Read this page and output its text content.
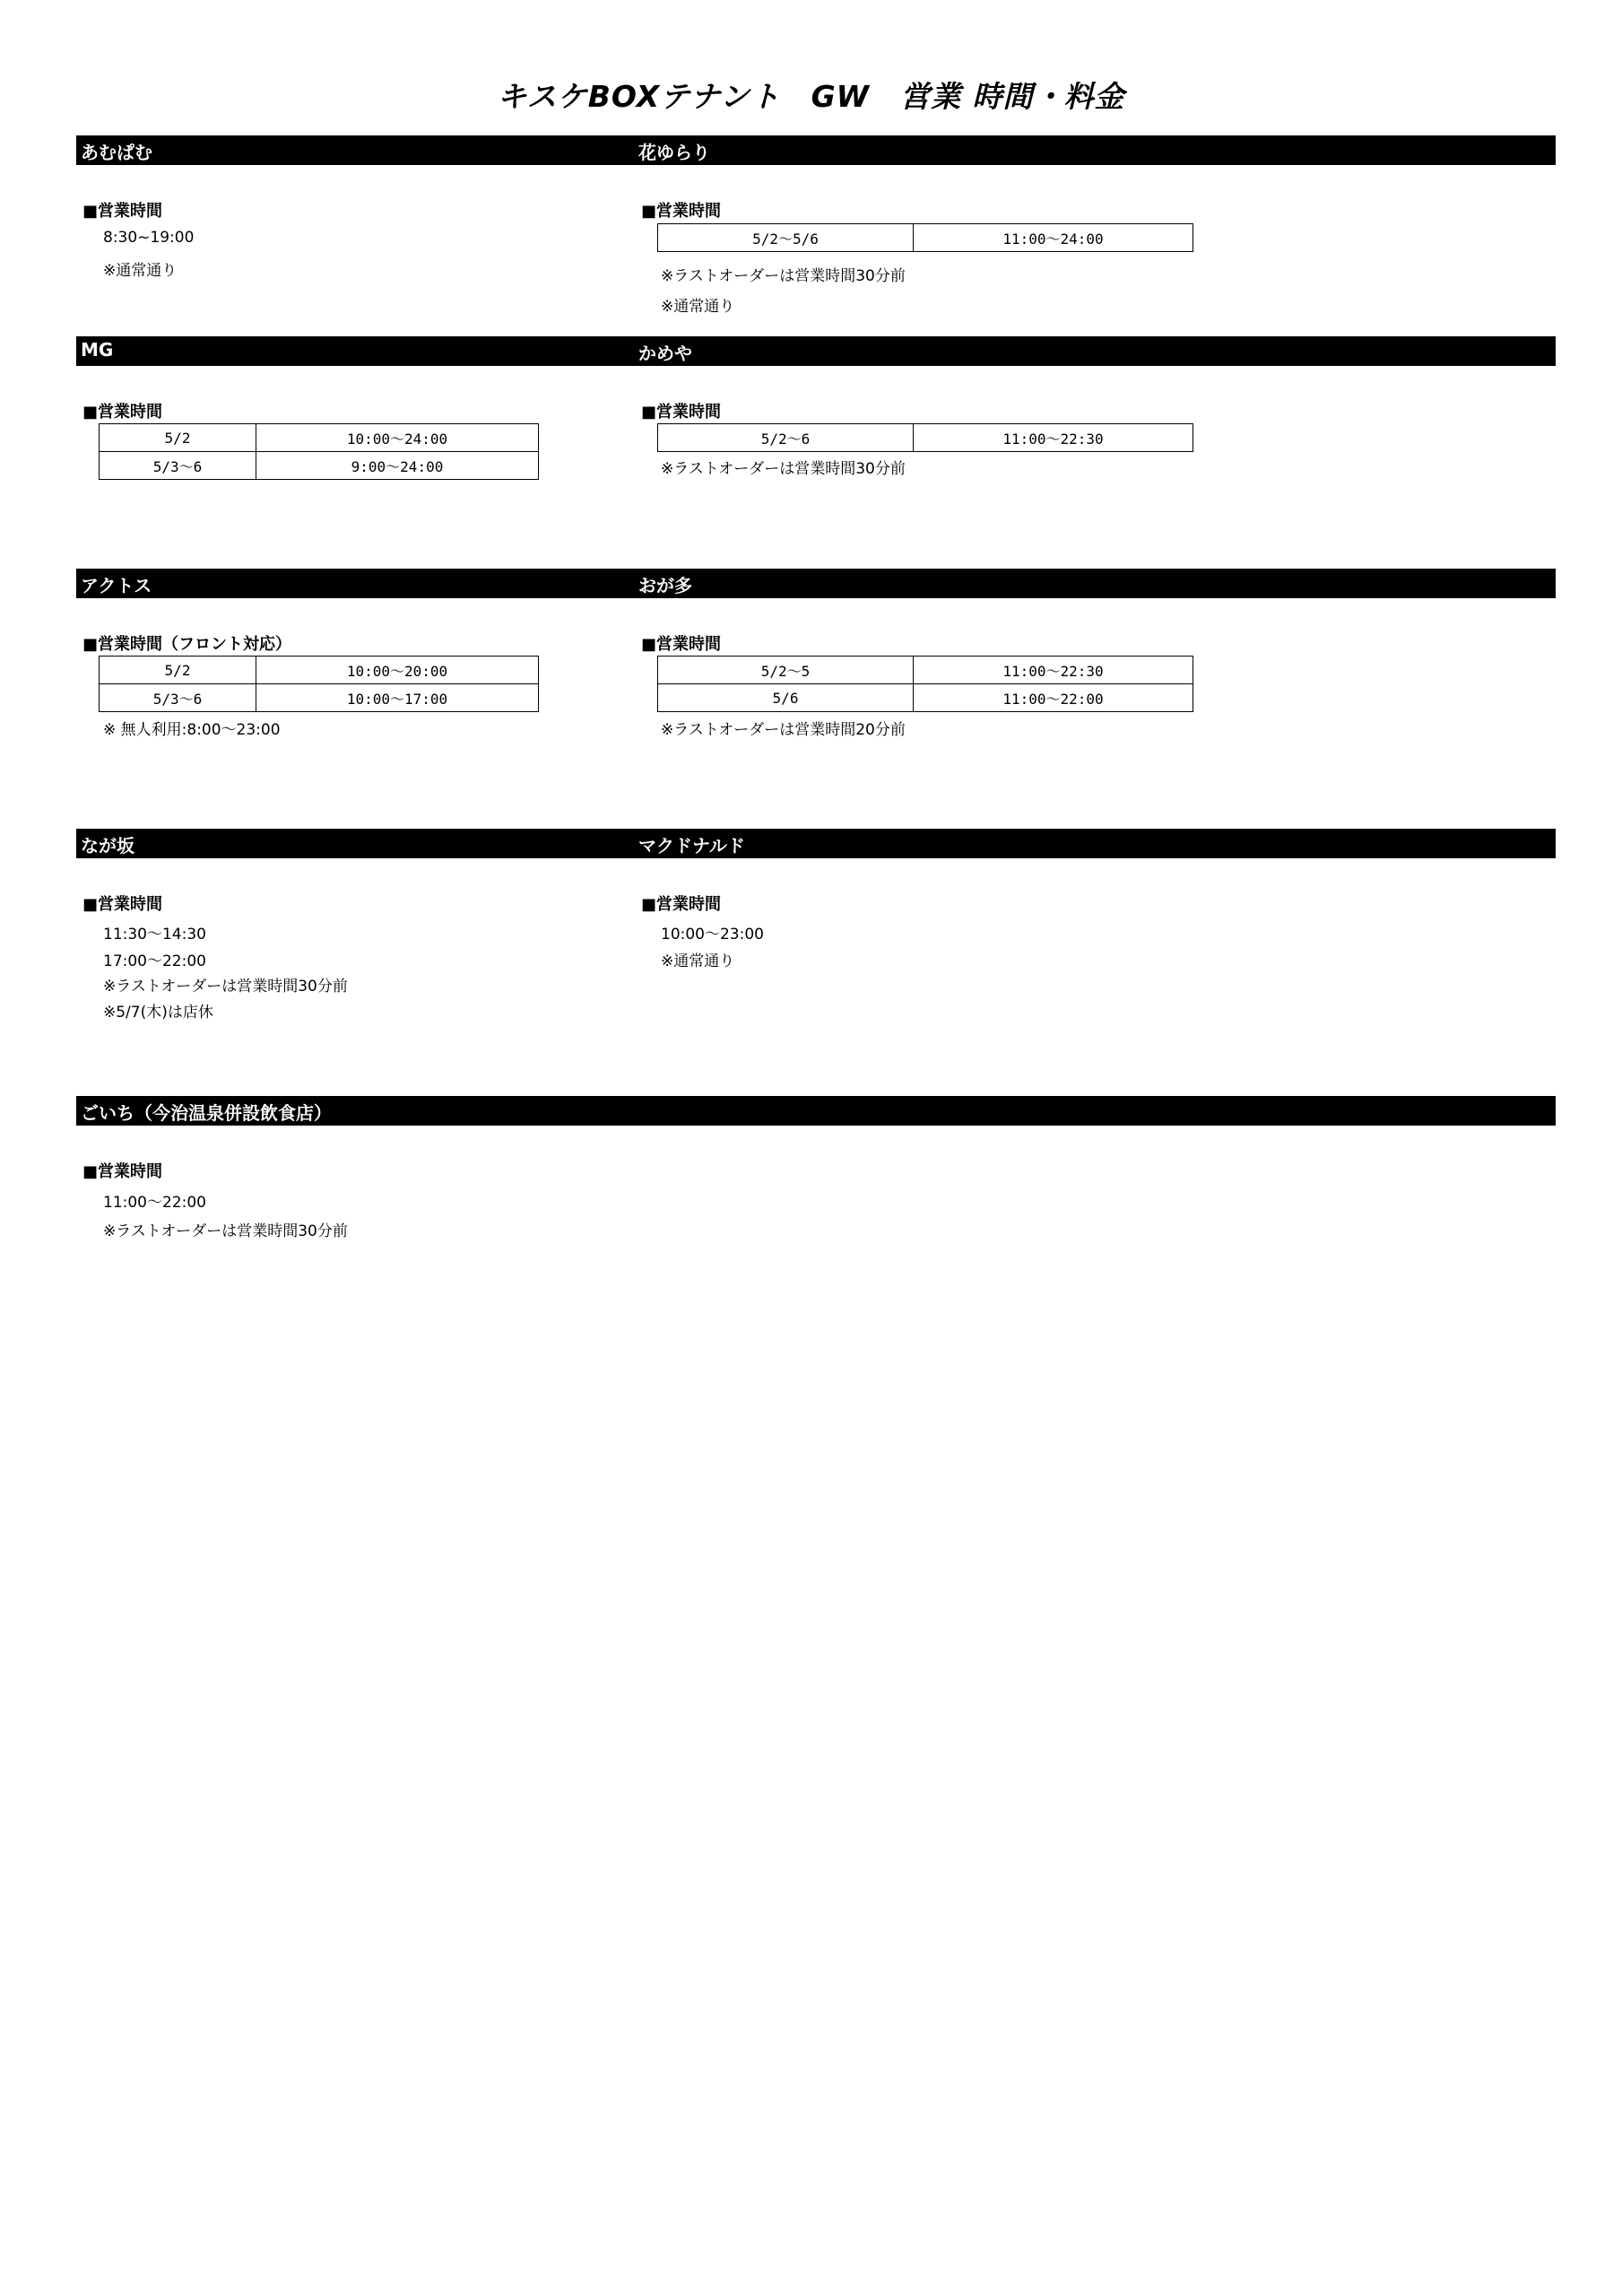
キスケBOXテナント　GW　営業 時間・料金
あむぱむ	花ゆらり
■営業時間
8:30~19:00
※通常通り
■営業時間
5/2〜5/6	11:00〜24:00
※ラストオーダーは営業時間30分前
※通常通り
MG	かめや
■営業時間
5/2	10:00〜24:00
5/3〜6	9:00〜24:00
■営業時間
5/2〜6	11:00〜22:30
※ラストオーダーは営業時間30分前
アクトス	おが多
■営業時間（フロント対応）
5/2	10:00〜20:00
5/3〜6	10:00〜17:00
※ 無人利用:8:00〜23:00
■営業時間
5/2〜5	11:00〜22:30
5/6	11:00〜22:00
※ラストオーダーは営業時間20分前
なが坂	マクドナルド
■営業時間
11:30〜14:30
17:00〜22:00
※ラストオーダーは営業時間30分前
※5/7(木)は店休
■営業時間
10:00〜23:00
※通常通り
ごいち（今治温泉併設飲食店）
■営業時間
11:00〜22:00
※ラストオーダーは営業時間30分前
